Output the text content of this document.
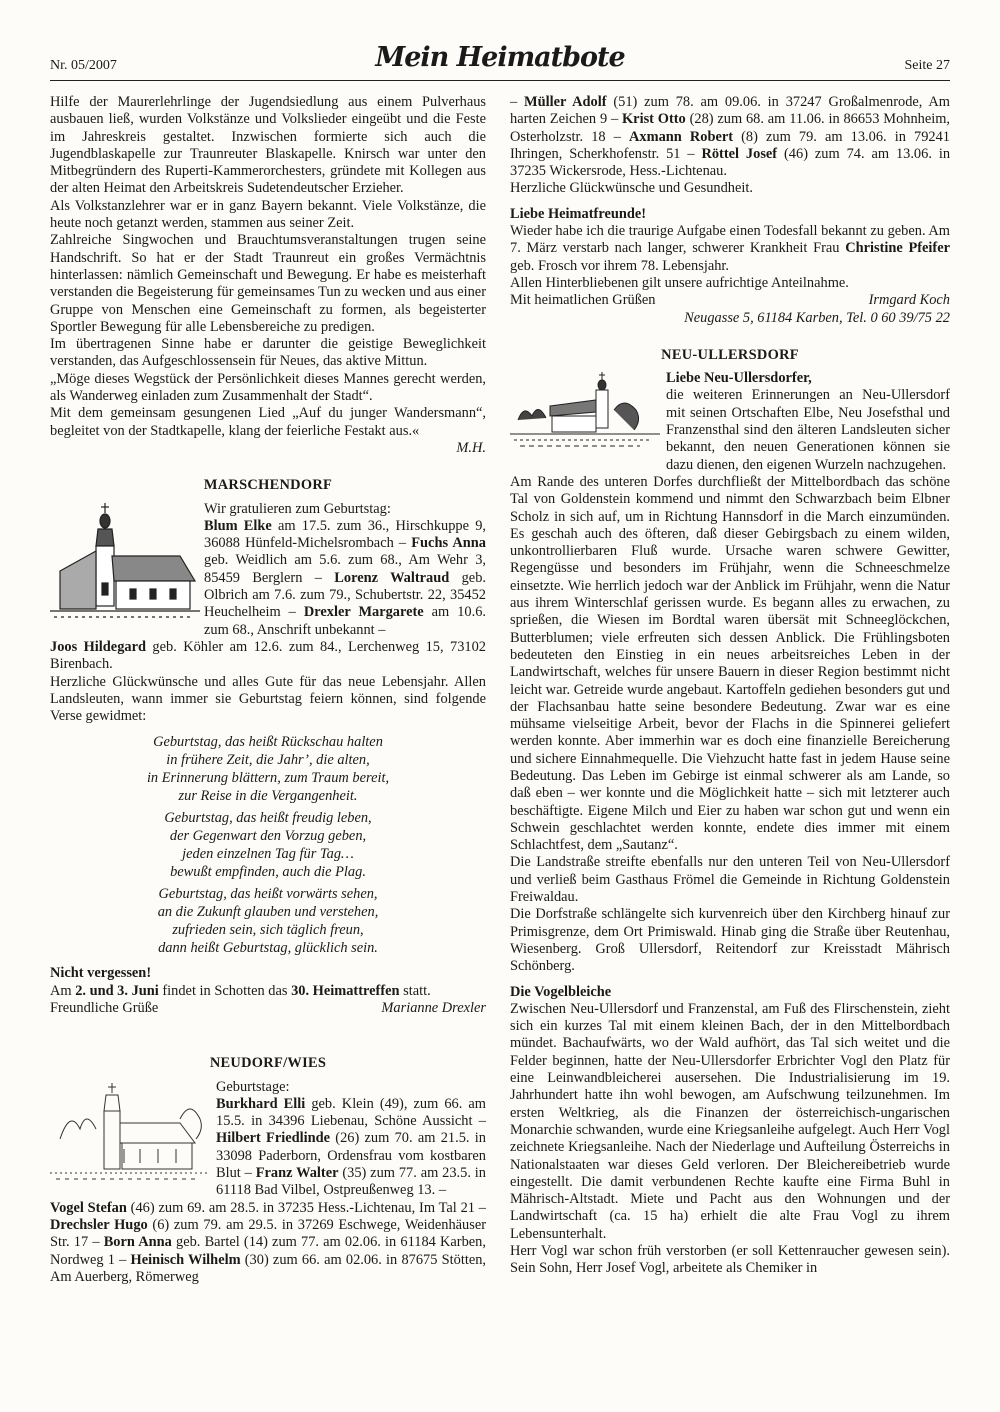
Nr. 05/2007	Mein Heimatbote	Seite 27

Hilfe der Maurerlehrlinge der Jugendsiedlung aus einem Pulverhaus ausbauen ließ, wurden Volkstänze und Volkslieder eingeübt und die Feste im Jahreskreis gestaltet. Inzwischen formierte sich auch die Jugendblaskapelle zur Traunreuter Blaskapelle. Knirsch war unter den Mitbegründern des Ruperti-Kammerorchesters, gründete mit Kollegen aus der alten Heimat den Arbeitskreis Sudetendeutscher Erzieher.

Als Volkstanzlehrer war er in ganz Bayern bekannt. Viele Volkstänze, die heute noch getanzt werden, stammen aus seiner Zeit.

Zahlreiche Singwochen und Brauchtumsveranstaltungen trugen seine Handschrift. So hat er der Stadt Traunreut ein großes Vermächtnis hinterlassen: nämlich Gemeinschaft und Bewegung. Er habe es meisterhaft verstanden die Begeisterung für gemeinsames Tun zu wecken und aus einer Gruppe von Menschen eine Gemeinschaft zu formen, als begeisterter Sportler Bewegung für alle Lebensbereiche zu predigen.

Im übertragenen Sinne habe er darunter die geistige Beweglichkeit verstanden, das Aufgeschlossensein für Neues, das aktive Mittun.

„Möge dieses Wegstück der Persönlichkeit dieses Mannes gerecht werden, als Wanderweg einladen zum Zusammenhalt der Stadt“.

Mit dem gemeinsam gesungenen Lied „Auf du junger Wandersmann“, begleitet von der Stadtkapelle, klang der feierliche Festakt aus.«

M.H.

MARSCHENDORF

Wir gratulieren zum Geburtstag:

Blum Elke am 17.5. zum 36., Hirschkuppe 9, 36088 Hünfeld-Michelsrombach – Fuchs Anna geb. Weidlich am 5.6. zum 68., Am Wehr 3, 85459 Berglern – Lorenz Waltraud geb. Olbrich am 7.6. zum 79., Schubertstr. 22, 35452 Heuchelheim – Drexler Margarete am 10.6. zum 68., Anschrift unbekannt –

Joos Hildegard geb. Köhler am 12.6. zum 84., Lerchenweg 15, 73102 Birenbach.

Herzliche Glückwünsche und alles Gute für das neue Lebensjahr. Allen Landsleuten, wann immer sie Geburtstag feiern können, sind folgende Verse gewidmet:

Geburtstag, das heißt Rückschau halten
in frühere Zeit, die Jahr’, die alten,
in Erinnerung blättern, zum Traum bereit,
zur Reise in die Vergangenheit.
Geburtstag, das heißt freudig leben,
der Gegenwart den Vorzug geben,
jeden einzelnen Tag für Tag…
bewußt empfinden, auch die Plag.
Geburtstag, das heißt vorwärts sehen,
an die Zukunft glauben und verstehen,
zufrieden sein, sich täglich freun,
dann heißt Geburtstag, glücklich sein.

Nicht vergessen!

Am 2. und 3. Juni findet in Schotten das 30. Heimattreffen statt.

Freundliche Grüße	Marianne Drexler
NEUDORF/WIES

Geburtstage:

Burkhard Elli geb. Klein (49), zum 66. am 15.5. in 34396 Liebenau, Schöne Aussicht – Hilbert Friedlinde (26) zum 70. am 21.5. in 33098 Paderborn, Ordensfrau vom kostbaren Blut – Franz Walter (35) zum 77. am 23.5. in 61118 Bad Vilbel, Ostpreußenweg 13. –

Vogel Stefan (46) zum 69. am 28.5. in 37235 Hess.-Lichtenau, Im Tal 21 – Drechsler Hugo (6) zum 79. am 29.5. in 37269 Eschwege, Weidenhäuser Str. 17 – Born Anna geb. Bartel (14) zum 77. am 02.06. in 61184 Karben, Nordweg 1 – Heinisch Wilhelm (30) zum 66. am 02.06. in 87675 Stötten, Am Auerberg, Römerweg

– Müller Adolf (51) zum 78. am 09.06. in 37247 Großalmenrode, Am harten Zeichen 9 – Krist Otto (28) zum 68. am 11.06. in 86653 Mohnheim, Osterholzstr. 18 – Axmann Robert (8) zum 79. am 13.06. in 79241 Ihringen, Scherkhofenstr. 51 – Röttel Josef (46) zum 74. am 13.06. in 37235 Wickersrode, Hess.-Lichtenau.

Herzliche Glückwünsche und Gesundheit.

Liebe Heimatfreunde!

Wieder habe ich die traurige Aufgabe einen Todesfall bekannt zu geben. Am 7. März verstarb nach langer, schwerer Krankheit Frau Christine Pfeifer geb. Frosch vor ihrem 78. Lebensjahr.

Allen Hinterbliebenen gilt unsere aufrichtige Anteilnahme.

Mit heimatlichen Grüßen	Irmgard Koch

Neugasse 5, 61184 Karben, Tel. 0 60 39/75 22

NEU-ULLERSDORF

Liebe Neu-Ullersdorfer,

die weiteren Erinnerungen an Neu-Ullersdorf mit seinen Ortschaften Elbe, Neu Josefsthal und Franzensthal sind den älteren Landsleuten sicher bekannt, den neuen Generationen können sie dazu dienen, den eigenen Wurzeln nachzugehen.

Am Rande des unteren Dorfes durchfließt der Mittelbordbach das schöne Tal von Goldenstein kommend und nimmt den Schwarzbach beim Elbner Scholz in sich auf, um in Richtung Hannsdorf in die March einzumünden. Es geschah auch des öfteren, daß dieser Gebirgsbach zu einem wilden, unkontrollierbaren Fluß wurde. Ursache waren schwere Gewitter, Regengüsse und besonders im Frühjahr, wenn die Schneeschmelze einsetzte. Wie herrlich jedoch war der Anblick im Frühjahr, wenn die Natur aus ihrem Winterschlaf gerissen wurde. Es begann alles zu erwachen, zu sprießen, die Wiesen im Bordtal waren übersät mit Schneeglöckchen, Butterblumen; viele erfreuten sich dessen Anblick. Die Frühlingsboten bedeuteten den Einstieg in ein neues arbeitsreiches Leben in der Landwirtschaft, welches für unsere Bauern in dieser Region bestimmt nicht leicht war. Getreide wurde angebaut. Kartoffeln gediehen besonders gut und der Flachsanbau hatte seine besondere Bedeutung. Zwar war es eine mühsame vielseitige Arbeit, bevor der Flachs in die Spinnerei geliefert werden konnte. Aber immerhin war es doch eine finanzielle Bereicherung und sichere Einnahmequelle. Die Viehzucht hatte fast in jedem Hause seine Bedeutung. Das Leben im Gebirge ist einmal schwerer als am Lande, so daß eben – wer konnte und die Möglichkeit hatte – sich mit letzterer auch beschäftigte. Eigene Milch und Eier zu haben war schon gut und wenn ein Schwein geschlachtet werden konnte, endete dies immer mit einem Schlachtfest, dem „Sautanz“.

Die Landstraße streifte ebenfalls nur den unteren Teil von Neu-Ullersdorf und verließ beim Gasthaus Frömel die Gemeinde in Richtung Goldenstein Freiwaldau.

Die Dorfstraße schlängelte sich kurvenreich über den Kirchberg hinauf zur Primisgrenze, dem Ort Primiswald. Hinab ging die Straße über Reutenhau, Wiesenberg. Groß Ullersdorf, Reitendorf zur Kreisstadt Mährisch Schönberg.

Die Vogelbleiche

Zwischen Neu-Ullersdorf und Franzenstal, am Fuß des Flirschenstein, zieht sich ein kurzes Tal mit einem kleinen Bach, der in den Mittelbordbach mündet. Bachaufwärts, wo der Wald aufhört, das Tal sich weitet und die Felder beginnen, hatte der Neu-Ullersdorfer Erbrichter Vogl den Platz für eine Leinwandbleicherei ausersehen. Die Industrialisierung im 19. Jahrhundert hatte ihn wohl bewogen, am Aufschwung teilzunehmen. Im ersten Weltkrieg, als die Finanzen der österreichisch-ungarischen Monarchie schwanden, wurde eine Kriegsanleihe aufgelegt. Auch Herr Vogl zeichnete Kriegsanleihe. Nach der Niederlage und Aufteilung Österreichs in Nationalstaaten war dieses Geld verloren. Der Bleichereibetrieb wurde eingestellt. Die damit verbundenen Rechte kaufte eine Firma Buhl in Mährisch-Altstadt. Miete und Pacht aus den Wohnungen und der Landwirtschaft (ca. 15 ha) erhielt die alte Frau Vogl zu ihrem Lebensunterhalt.

Herr Vogl war schon früh verstorben (er soll Kettenraucher gewesen sein). Sein Sohn, Herr Josef Vogl, arbeitete als Chemiker in
